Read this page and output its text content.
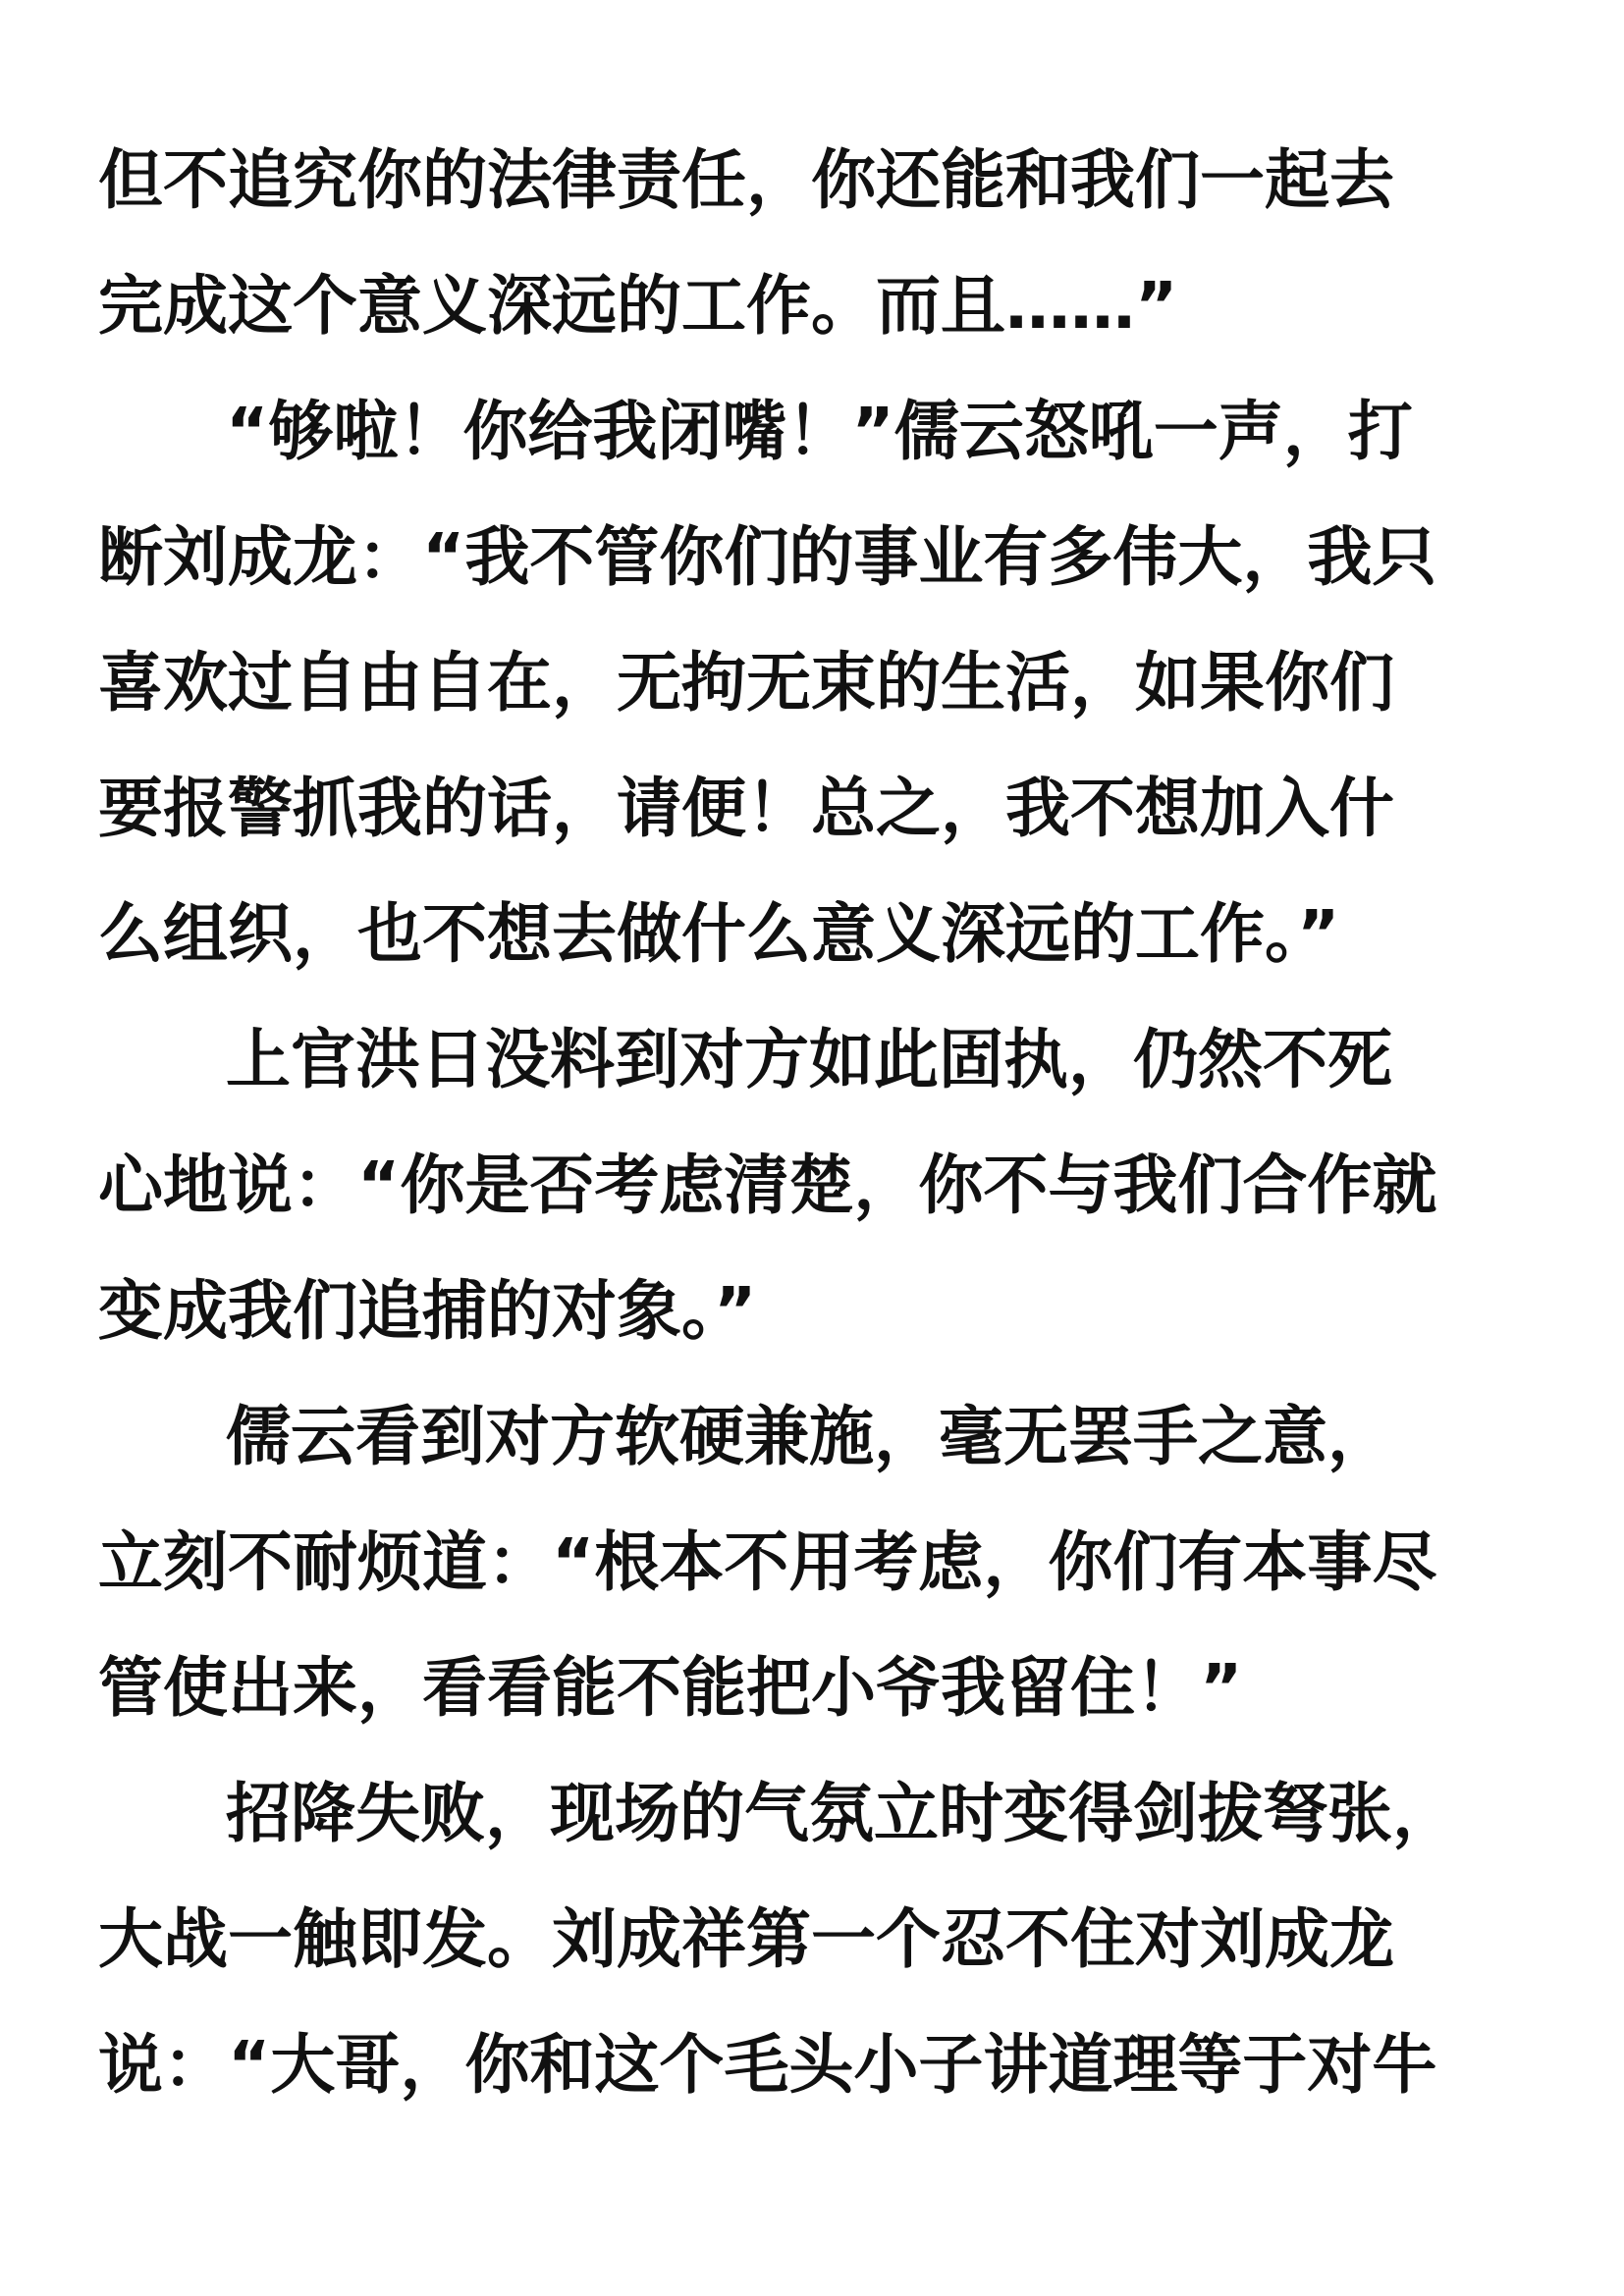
但不追究你的法律责任，你还能和我们一起去
完成这个意义深远的工作。而且……”
“够啦！你给我闭嘴！”儒云怒吼一声，打
断刘成龙：“我不管你们的事业有多伟大，我只
喜欢过自由自在，无拘无束的生活，如果你们
要报警抓我的话，请便！总之，我不想加入什
么组织，也不想去做什么意义深远的工作。”
上官洪日没料到对方如此固执，仍然不死
心地说：“你是否考虑清楚，你不与我们合作就
变成我们追捕的对象。”
儒云看到对方软硬兼施，毫无罢手之意，
立刻不耐烦道：“根本不用考虑，你们有本事尽
管使出来，看看能不能把小爷我留住！”
招降失败，现场的气氛立时变得剑拔弩张，
大战一触即发。刘成祥第一个忍不住对刘成龙
说：“大哥，你和这个毛头小子讲道理等于对牛
